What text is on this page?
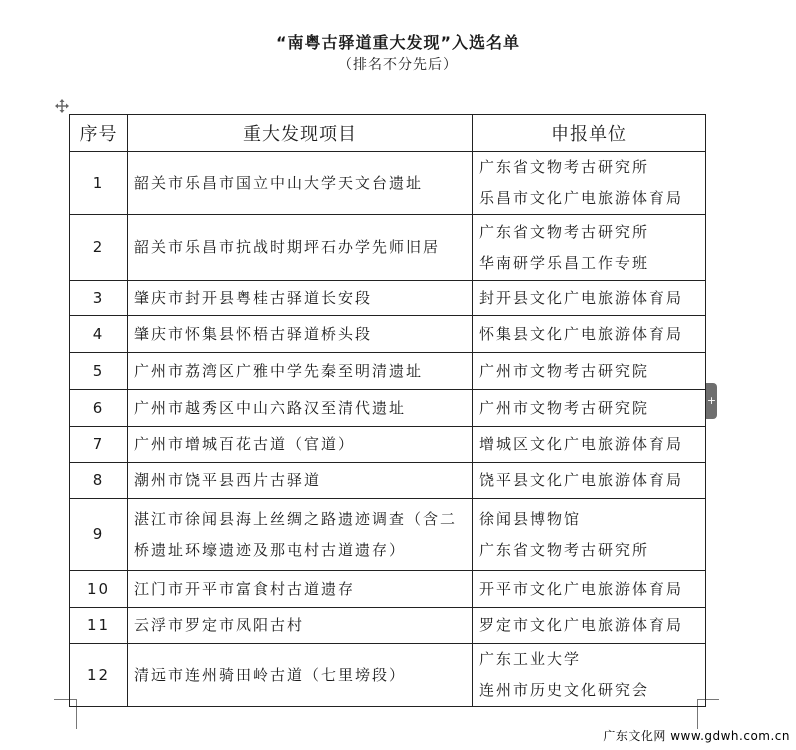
“南粤古驿道重大发现”入选名单
（排名不分先后）
序号	重大发现项目	申报单位
1	韶关市乐昌市国立中山大学天文台遗址	广东省文物考古研究所
乐昌市文化广电旅游体育局

2	韶关市乐昌市抗战时期坪石办学先师旧居	广东省文物考古研究所
华南研学乐昌工作专班

3	肇庆市封开县粤桂古驿道长安段	封开县文化广电旅游体育局

4	肇庆市怀集县怀梧古驿道桥头段	怀集县文化广电旅游体育局

5	广州市荔湾区广雅中学先秦至明清遗址	广州市文物考古研究院

6	广州市越秀区中山六路汉至清代遗址	广州市文物考古研究院

7	广州市增城百花古道（官道）	增城区文化广电旅游体育局

8	潮州市饶平县西片古驿道	饶平县文化广电旅游体育局

9	湛江市徐闻县海上丝绸之路遗迹调查（含二桥遗址环壕遗迹及那屯村古道遗存）	徐闻县博物馆
广东省文物考古研究所

10	江门市开平市富食村古道遗存	开平市文化广电旅游体育局

11	云浮市罗定市凤阳古村	罗定市文化广电旅游体育局

12	清远市连州骑田岭古道（七里塝段）	广东工业大学
连州市历史文化研究会
+
广东文化网 www.gdwh.com.cn
